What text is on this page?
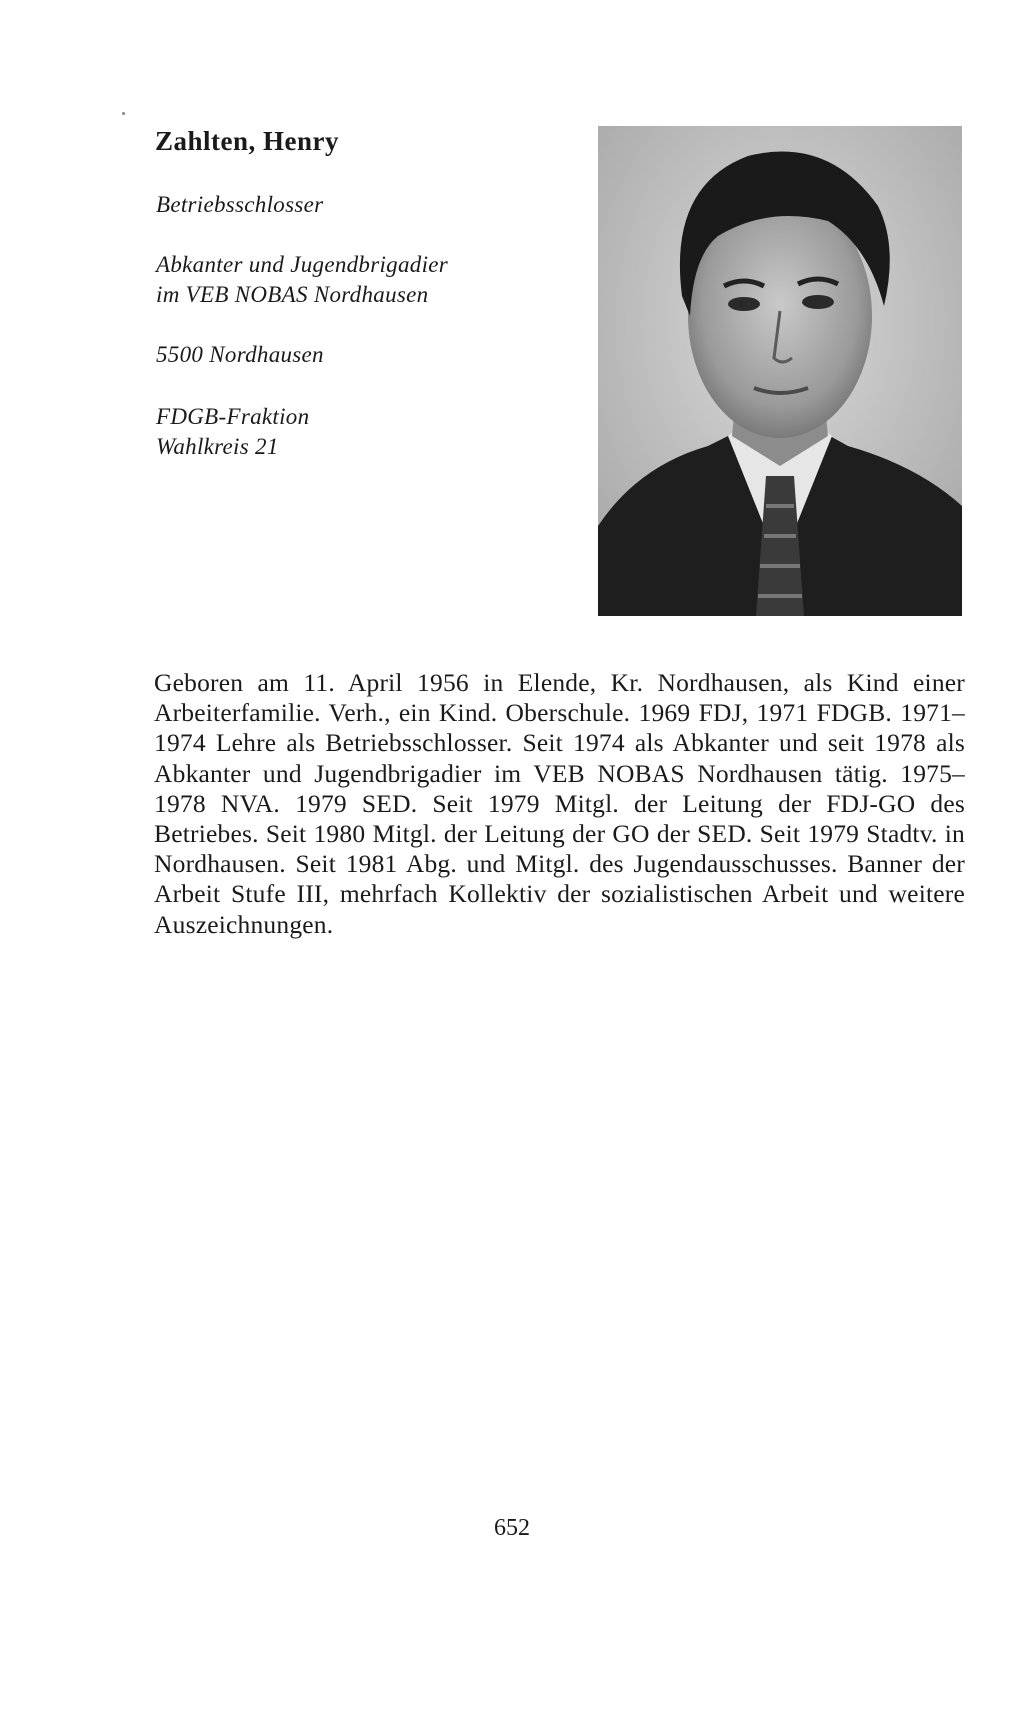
Zahlten, Henry
Betriebsschlosser
Abkanter und Jugendbrigadier
im VEB NOBAS Nordhausen
5500 Nordhausen
FDGB-Fraktion
Wahlkreis 21
Geboren am 11. April 1956 in Elende, Kr. Nordhausen, als Kind einer Arbeiterfamilie. Verh., ein Kind. Oberschule. 1969 FDJ, 1971 FDGB. 1971–1974 Lehre als Betriebsschlosser. Seit 1974 als Abkanter und seit 1978 als Abkanter und Jugendbrigadier im VEB NOBAS Nordhausen tätig. 1975–1978 NVA. 1979 SED. Seit 1979 Mitgl. der Leitung der FDJ-GO des Betriebes. Seit 1980 Mitgl. der Leitung der GO der SED. Seit 1979 Stadtv. in Nordhausen. Seit 1981 Abg. und Mitgl. des Jugendausschusses. Banner der Arbeit Stufe III, mehrfach Kollektiv der sozialistischen Arbeit und weitere Auszeichnungen.
652
